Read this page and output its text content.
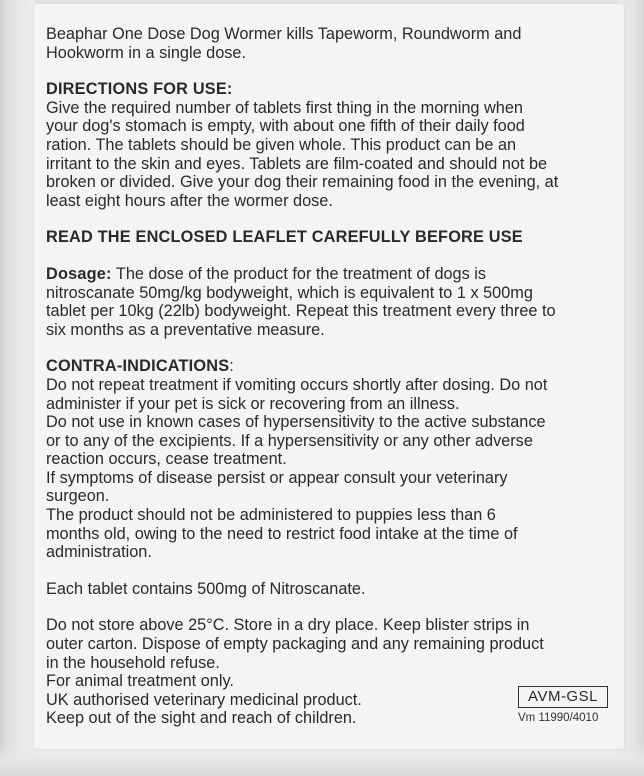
Beaphar One Dose Dog Wormer kills Tapeworm, Roundworm and

Hookworm in a single dose.

DIRECTIONS FOR USE:

Give the required number of tablets first thing in the morning when

your dog's stomach is empty, with about one fifth of their daily food

ration. The tablets should be given whole. This product can be an

irritant to the skin and eyes. Tablets are film-coated and should not be

broken or divided. Give your dog their remaining food in the evening, at

least eight hours after the wormer dose.

READ THE ENCLOSED LEAFLET CAREFULLY BEFORE USE

Dosage: The dose of the product for the treatment of dogs is

nitroscanate 50mg/kg bodyweight, which is equivalent to 1 x 500mg

tablet per 10kg (22lb) bodyweight. Repeat this treatment every three to

six months as a preventative measure.

CONTRA-INDICATIONS:

Do not repeat treatment if vomiting occurs shortly after dosing. Do not

administer if your pet is sick or recovering from an illness.

Do not use in known cases of hypersensitivity to the active substance

or to any of the excipients. If a hypersensitivity or any other adverse

reaction occurs, cease treatment.

If symptoms of disease persist or appear consult your veterinary

surgeon.

The product should not be administered to puppies less than 6

months old, owing to the need to restrict food intake at the time of

administration.

Each tablet contains 500mg of Nitroscanate.

Do not store above 25°C. Store in a dry place. Keep blister strips in

outer carton. Dispose of empty packaging and any remaining product

in the household refuse.

For animal treatment only.

UK authorised veterinary medicinal product.

Keep out of the sight and reach of children.

AVM-GSL
Vm 11990/4010
